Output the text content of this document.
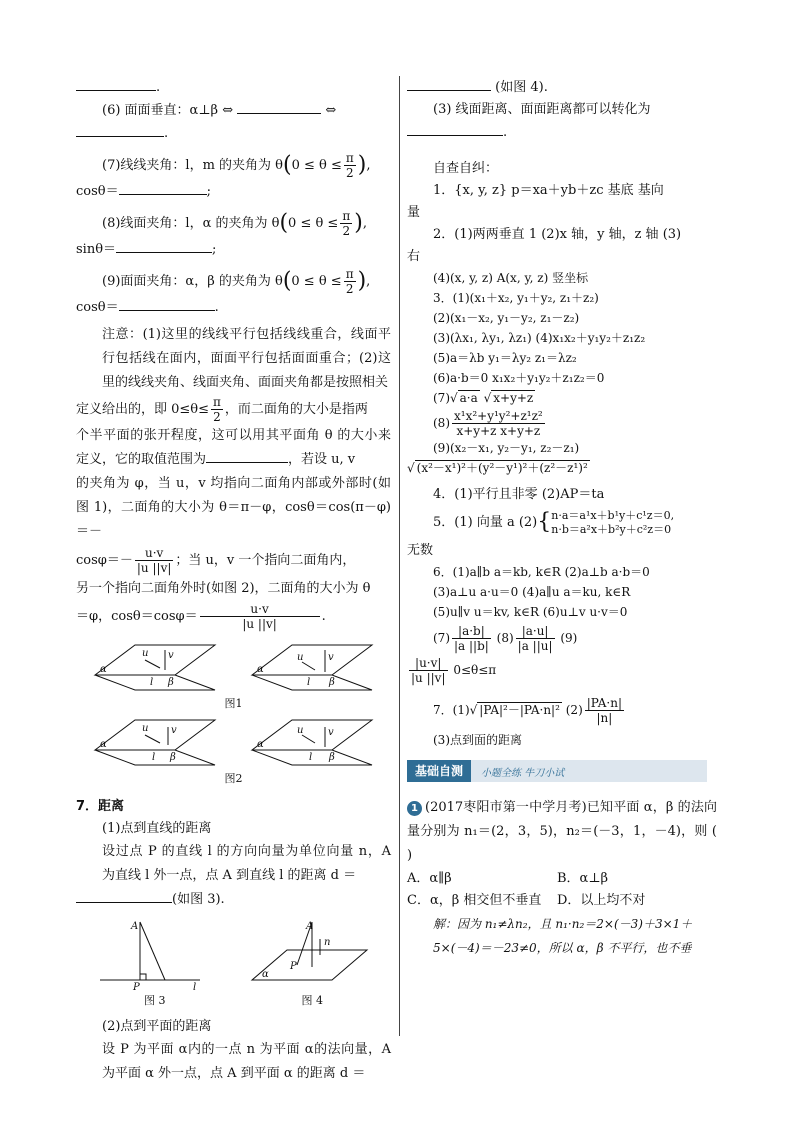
.
(6) 面面垂直：α⊥β ⇔	⇔
.
(7)线线夹角：l，m 的夹角为 $\theta(0 \le \theta \le \frac{\pi}{2}$ ),
cosθ＝	;
(8)线面夹角：l，α 的夹角为 $\theta(0 \le \theta \le \frac{\pi}{2}$ ),
sinθ＝	;
(9)面面夹角：α，β 的夹角为 $\theta(0 \le \theta \le \frac{\pi}{2}$ ),
cosθ＝	.
注意：(1)这里的线线平行包括线线重合，线面平行包括线在面内，面面平行包括面面重合；(2)这里的线线夹角、线面夹角、面面夹角都是按照相关
定义给出的，即 $0\le\theta\le \frac{\pi}{2}$ ，而二面角的大小是指两
个半平面的张开程度，这可以用其平面角 θ 的大小来定义，它的取值范围为	，若设 u, v
的夹角为 φ，当 u，v 均指向二面角内部或外部时(如图 1)，二面角的大小为 θ＝π－φ，cosθ＝cos(π－φ)＝－
$\cos\varphi=- \frac{u\cdot v}{|u ||v|}$ ；当 u，v 一个指向二面角内，
另一个指向二面角外时(如图 2)，二面角的大小为 θ
＝φ，$\cos\theta=\cos\varphi= \frac{u\cdot v}{|u ||v|}$ .
α
l β
u v
α
l β
u v
图1
α
l β
u v
α
l β
u v
图2
7．距离
(1)点到直线的距离
设过点 P 的直线 l 的方向向量为单位向量 n，A 为直线 l 外一点，点 A 到直线 l 的距离 d ＝
(如图 3).
A
P	l
A
P
n
α
图 3	图 4
(2)点到平面的距离
设 P 为平面 α内的一点 n 为平面 α的法向量，A 为平面 α 外一点，点 A 到平面 α 的距离 d ＝
(如图 4).
(3) 线面距离、面面距离都可以转化为
.
自查自纠：
1．{x, y, z} p＝xa＋yb＋zc 基底 基向
量
2．(1)两两垂直 1 (2)x 轴，y 轴，z 轴 (3)
右
(4)(x, y, z) A(x, y, z) 竖坐标
3．(1)(x₁＋x₂, y₁＋y₂, z₁＋z₂)
(2)(x₁－x₂, y₁－y₂, z₁－z₂)
(3)(λx₁, λy₁, λz₁) (4)x₁x₂＋y₁y₂＋z₁z₂
(5)a＝λb y₁＝λy₂ z₁＝λz₂
(6)a·b＝0 x₁x₂＋y₁y₂＋z₁z₂＝0
(7)√ a·a √ x+y+z
$(8) \frac{\text{x¹x²+y¹y²+z¹z²}}{\text{x+y+z x+y+z}}$
(9)(x₂－x₁, y₂－y₁, z₂－z₁)
√ (x²－x¹)²＋(y²－y¹)²＋(z²－z¹)²
4．(1)平行且非零 (2)AP＝ta
5．(1) 向量 a (2){ n·a＝a¹x＋b¹y＋c¹z＝0,
n·b＝a²x＋b²y＋c²z＝0
无数
6．(1)a∥b a＝kb, k∈R (2)a⊥b a·b＝0
(3)a⊥u a·u＝0 (4)a∥u a＝ku, k∈R
(5)u∥v u＝kv, k∈R (6)u⊥v u·v＝0
$(7) \frac{|a\cdot b|}{|a ||b|} (8) \frac{|a\cdot u|}{|a ||u|} (9)$
$\frac{|u\cdot v|}{|u ||v|} 0\le\theta\le\pi$
7．(1)√ |PA|²－|PA·n|² $(2) \frac{|PA\cdot n|}{|n|}$
(3)点到面的距离
基础自测	小题全练 牛刀小试
1 (2017枣阳市第一中学月考)已知平面 α，β 的法向量分别为 n₁＝(2，3，5)，n₂＝(－3，1，－4)，则 ( )
A．α∥β	B．α⊥β
C．α，β 相交但不垂直 D．以上均不对
解：因为 n₁≠λn₂，且 n₁·n₂＝2×(－3)＋3×1＋5×(－4)＝－23≠0，所以 α，β 不平行，也不垂
